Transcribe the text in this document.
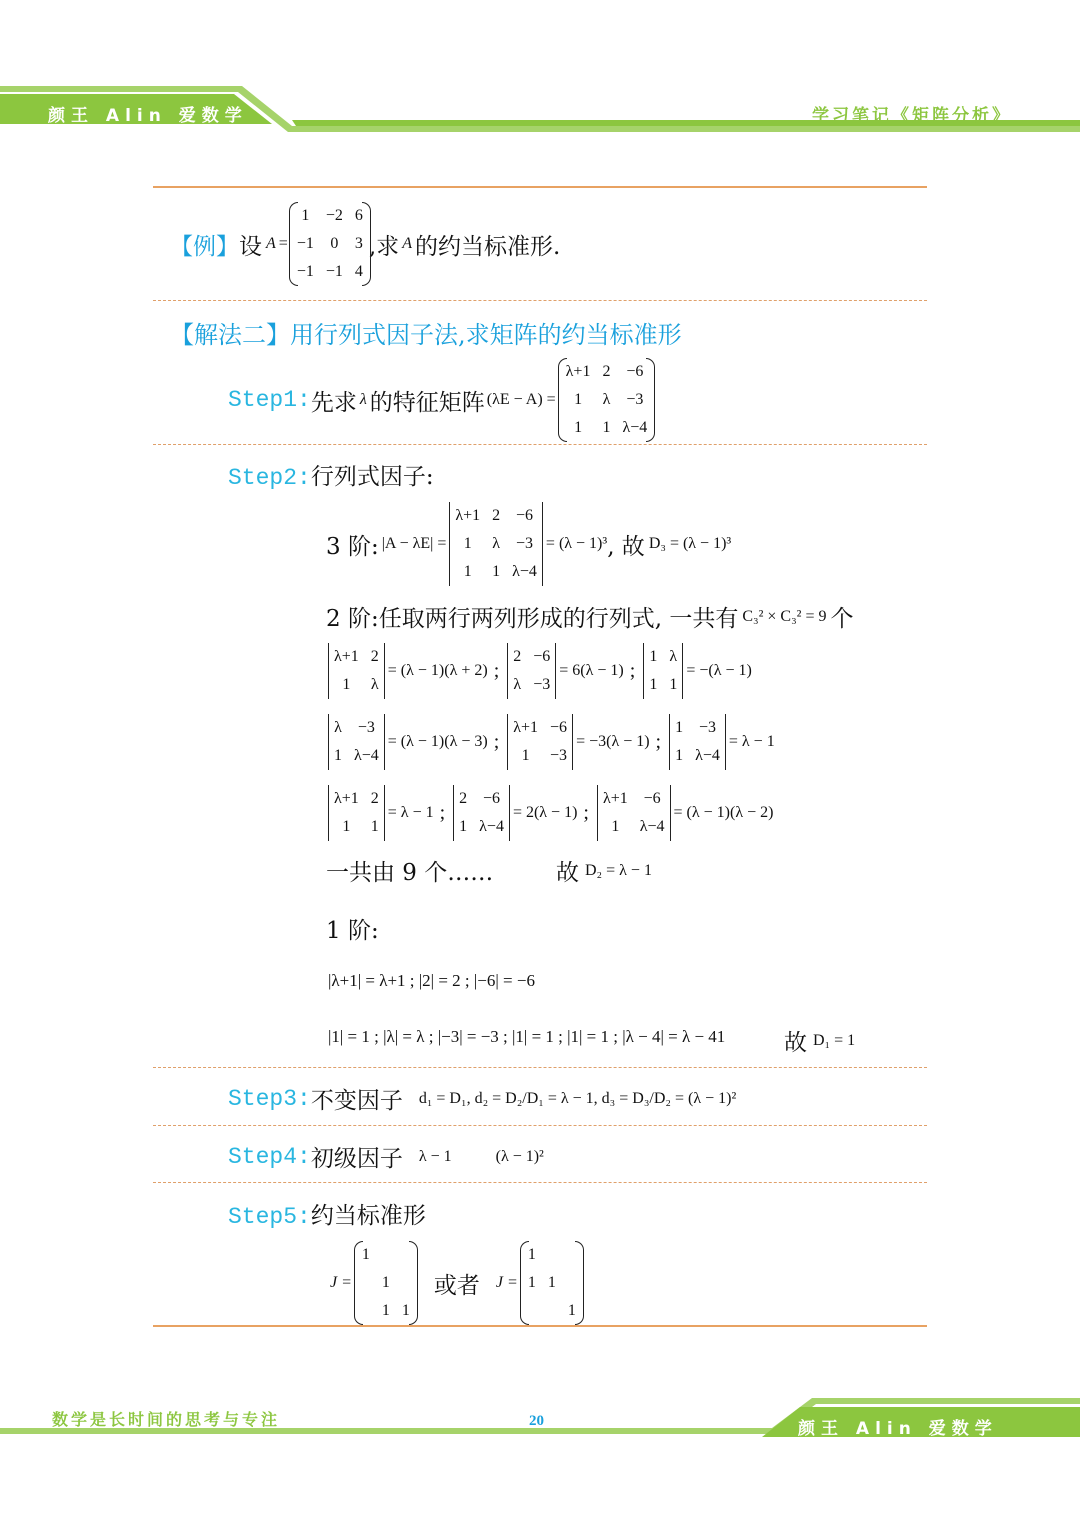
颜王 Alin 爱数学	学习笔记《矩阵分析》
【例】 设 A =
1	−2	6
−1	0	3
−1	−1	4
,求 A 的约当标准形.
【解法二】用行列式因子法,求矩阵的约当标准形
Step1: 先求 λ 的特征矩阵 (λE − A) =
λ+1	2	−6
1	λ	−3
1	1	λ−4
Step2:行列式因子:
3 阶: |A − λE| =
λ+1	2	−6
1	λ	−3
1	1	λ−4
= (λ − 1)³ , 故 D₃ = (λ − 1)³
2 阶: 任取两行两列形成的行列式, 一共有 C₃² × C₃² = 9 个
λ+1	2
1	λ
= (λ − 1)(λ + 2) ;
2	−6
λ	−3
= 6(λ − 1) ;
1	λ
1	1
= −(λ − 1)
λ	−3
1	λ−4
= (λ − 1)(λ − 3) ;
λ+1	−6
1	−3
= −3(λ − 1) ;
1	−3
1	λ−4
= λ − 1
λ+1	2
1	1
= λ − 1 ;
2	−6
1	λ−4
= 2(λ − 1) ;
λ+1	−6
1	λ−4
= (λ − 1)(λ − 2)
一共由 9 个……	故 D₂ = λ − 1
1 阶:
|λ+1| = λ+1 ; |2| = 2 ; |−6| = −6
|1| = 1 ; |λ| = λ ; |−3| = −3 ; |1| = 1 ; |1| = 1 ; |λ − 4| = λ − 41	故 D₁ = 1
Step3: 不变因子 d₁ = D₁, d₂ = D₂/D₁ = λ − 1, d₃ = D₃/D₂ = (λ − 1)²
Step4: 初级因子 λ − 1	(λ − 1)²
Step5:约当标准形
J =
1		
	1	
	1	1
或者 J =
1		
1	1	
		1
数学是长时间的思考与专注	20	颜王 Alin 爱数学
